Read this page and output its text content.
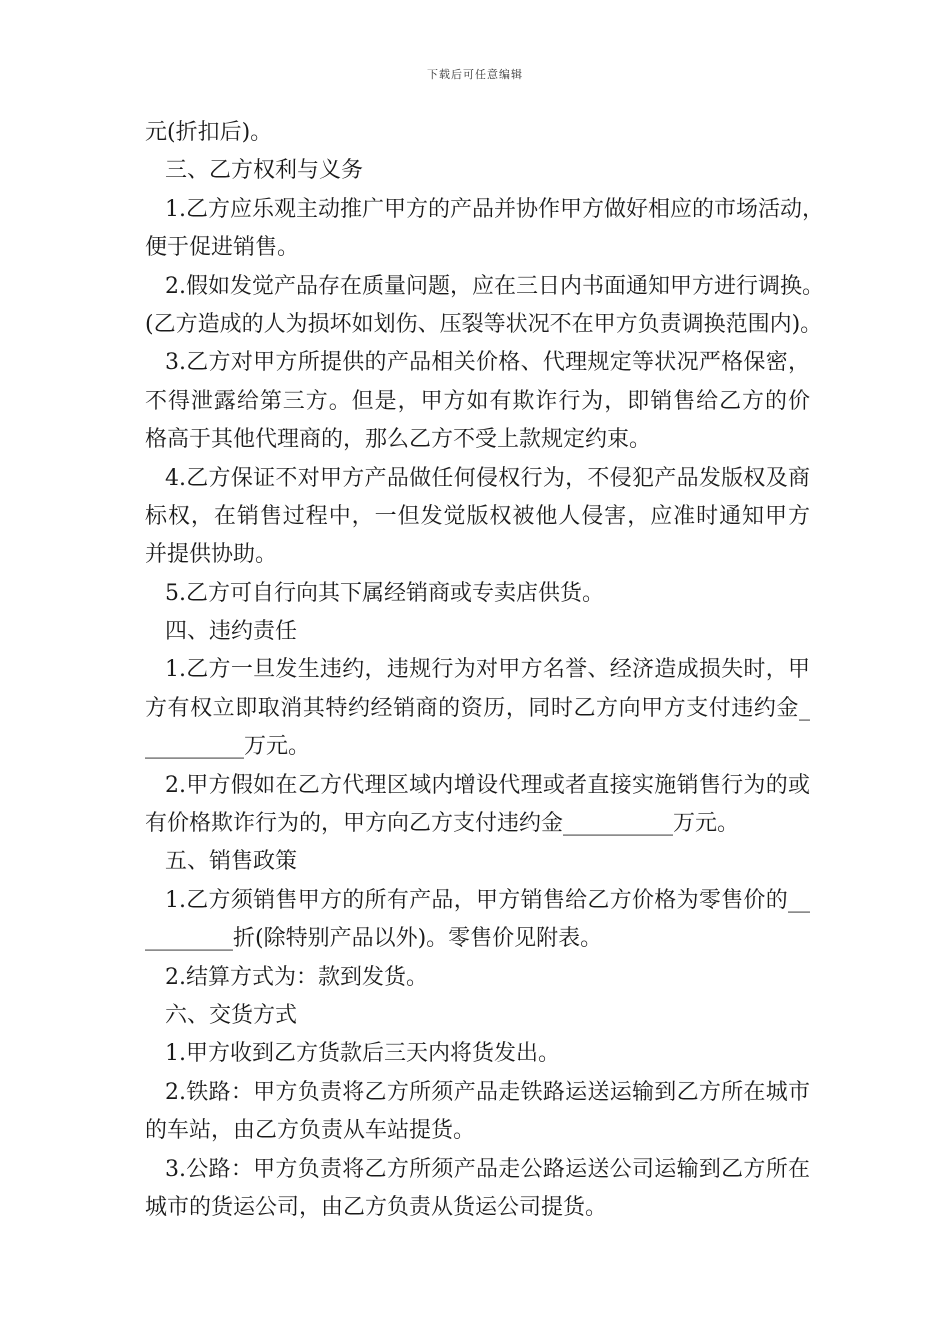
下载后可任意编辑
元(折扣后)。
三、乙方权利与义务
1.乙方应乐观主动推广甲方的产品并协作甲方做好相应的市场活动，
便于促进销售。
2.假如发觉产品存在质量问题，应在三日内书面通知甲方进行调换。
(乙方造成的人为损坏如划伤、压裂等状况不在甲方负责调换范围内)。
3.乙方对甲方所提供的产品相关价格、代理规定等状况严格保密，
不得泄露给第三方。但是，甲方如有欺诈行为，即销售给乙方的价
格高于其他代理商的，那么乙方不受上款规定约束。
4.乙方保证不对甲方产品做任何侵权行为，不侵犯产品发版权及商
标权，在销售过程中，一但发觉版权被他人侵害，应准时通知甲方
并提供协助。
5.乙方可自行向其下属经销商或专卖店供货。
四、违约责任
1.乙方一旦发生违约，违规行为对甲方名誉、经济造成损失时，甲
方有权立即取消其特约经销商的资历，同时乙方向甲方支付违约金_
_________万元。
2.甲方假如在乙方代理区域内增设代理或者直接实施销售行为的或
有价格欺诈行为的，甲方向乙方支付违约金__________万元。
五、销售政策
1.乙方须销售甲方的所有产品，甲方销售给乙方价格为零售价的__
________折(除特别产品以外)。零售价见附表。
2.结算方式为：款到发货。
六、交货方式
1.甲方收到乙方货款后三天内将货发出。
2.铁路：甲方负责将乙方所须产品走铁路运送运输到乙方所在城市
的车站，由乙方负责从车站提货。
3.公路：甲方负责将乙方所须产品走公路运送公司运输到乙方所在
城市的货运公司，由乙方负责从货运公司提货。
